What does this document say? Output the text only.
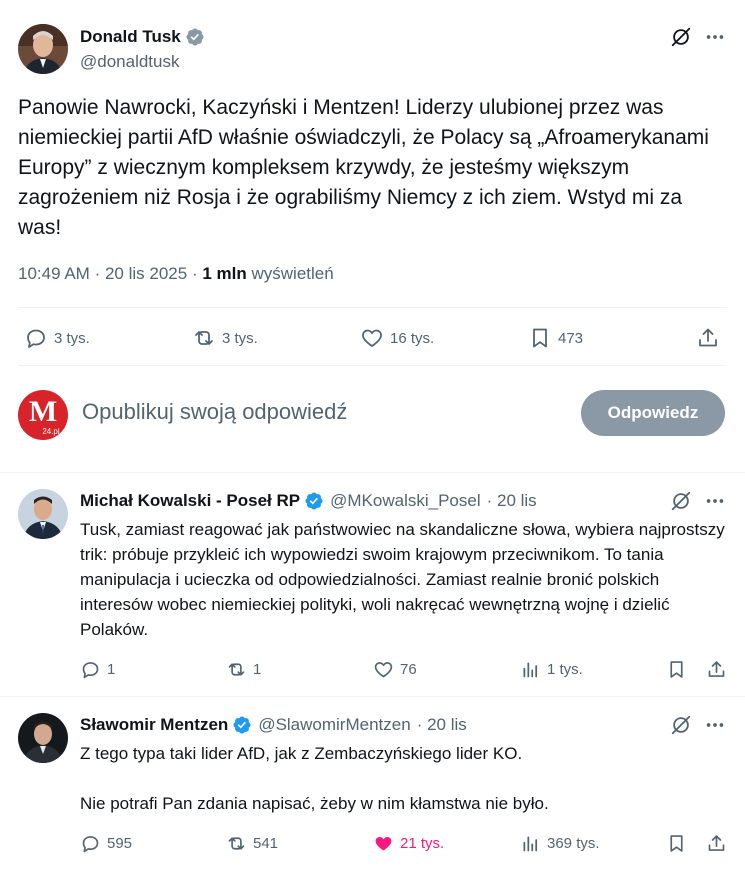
Donald Tusk
@donaldtusk
Panowie Nawrocki, Kaczyński i Mentzen! Liderzy ulubionej przez was niemieckiej partii AfD właśnie oświadczyli, że Polacy są „Afroamerykanami Europy” z wiecznym kompleksem krzywdy, że jesteśmy większym zagrożeniem niż Rosja i że ograbiliśmy Niemcy z ich ziem. Wstyd mi za was!
10:49 AM · 20 lis 2025 · 1 mln wyświetleń
3 tys.	3 tys.	16 tys.	473
M
24.pl
Opublikuj swoją odpowiedź	Odpowiedz
Michał Kowalski - Poseł RP @MKowalski_Posel · 20 lis
Tusk, zamiast reagować jak państwowiec na skandaliczne słowa, wybiera najprostszy trik: próbuje przykleić ich wypowiedzi swoim krajowym przeciwnikom. To tania manipulacja i ucieczka od odpowiedzialności. Zamiast realnie bronić polskich interesów wobec niemieckiej polityki, woli nakręcać wewnętrzną wojnę i dzielić Polaków.
1	1	76	1 tys.
Sławomir Mentzen @SlawomirMentzen · 20 lis
Z tego typa taki lider AfD, jak z Zembaczyńskiego lider KO.

Nie potrafi Pan zdania napisać, żeby w nim kłamstwa nie było.
595	541	21 tys.	369 tys.
